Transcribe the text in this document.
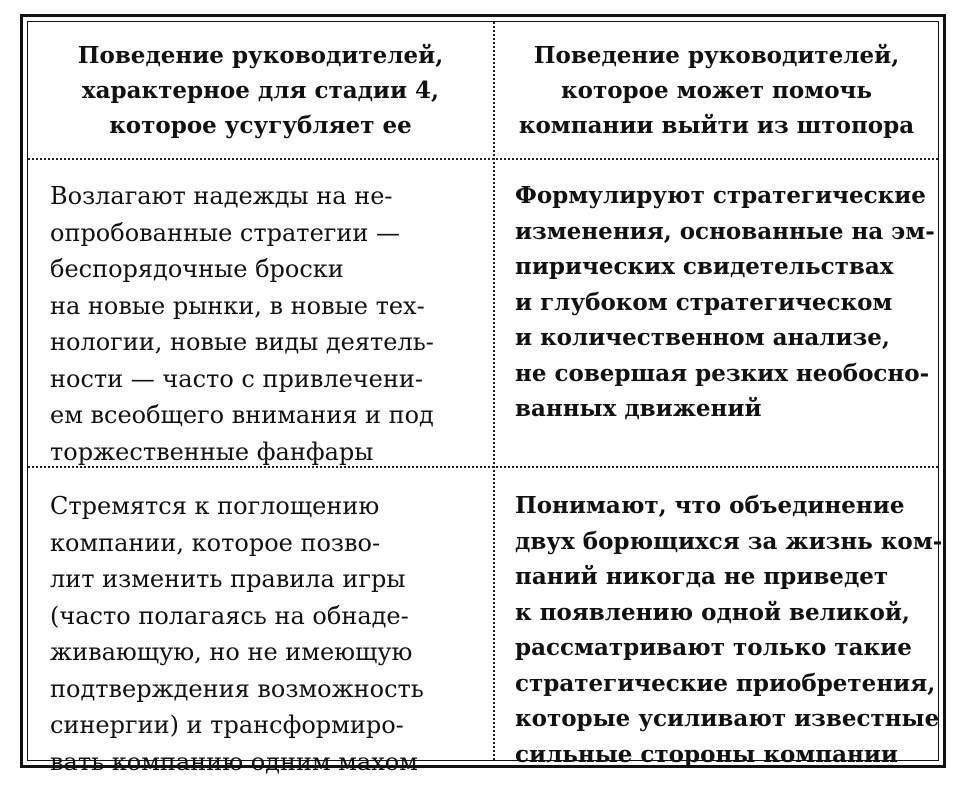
Поведение руководителей,
характерное для стадии 4,
которое усугубляет ее

Поведение руководителей,
которое может помочь
компании выйти из штопора

Возлагают надежды на не-
опробованные стратегии —
беспорядочные броски
на новые рынки, в новые тех-
нологии, новые виды деятель-
ности — часто с привлечени-
ем всеобщего внимания и под
торжественные фанфары

Формулируют стратегические
изменения, основанные на эм-
пирических свидетельствах
и глубоком стратегическом
и количественном анализе,
не совершая резких необосно-
ванных движений

Стремятся к поглощению
компании, которое позво-
лит изменить правила игры
(часто полагаясь на обнаде-
живающую, но не имеющую
подтверждения возможность
синергии) и трансформиро-
вать компанию одним махом

Понимают, что объединение
двух борющихся за жизнь ком-
паний никогда не приведет
к появлению одной великой,
рассматривают только такие
стратегические приобретения,
которые усиливают известные
сильные стороны компании
